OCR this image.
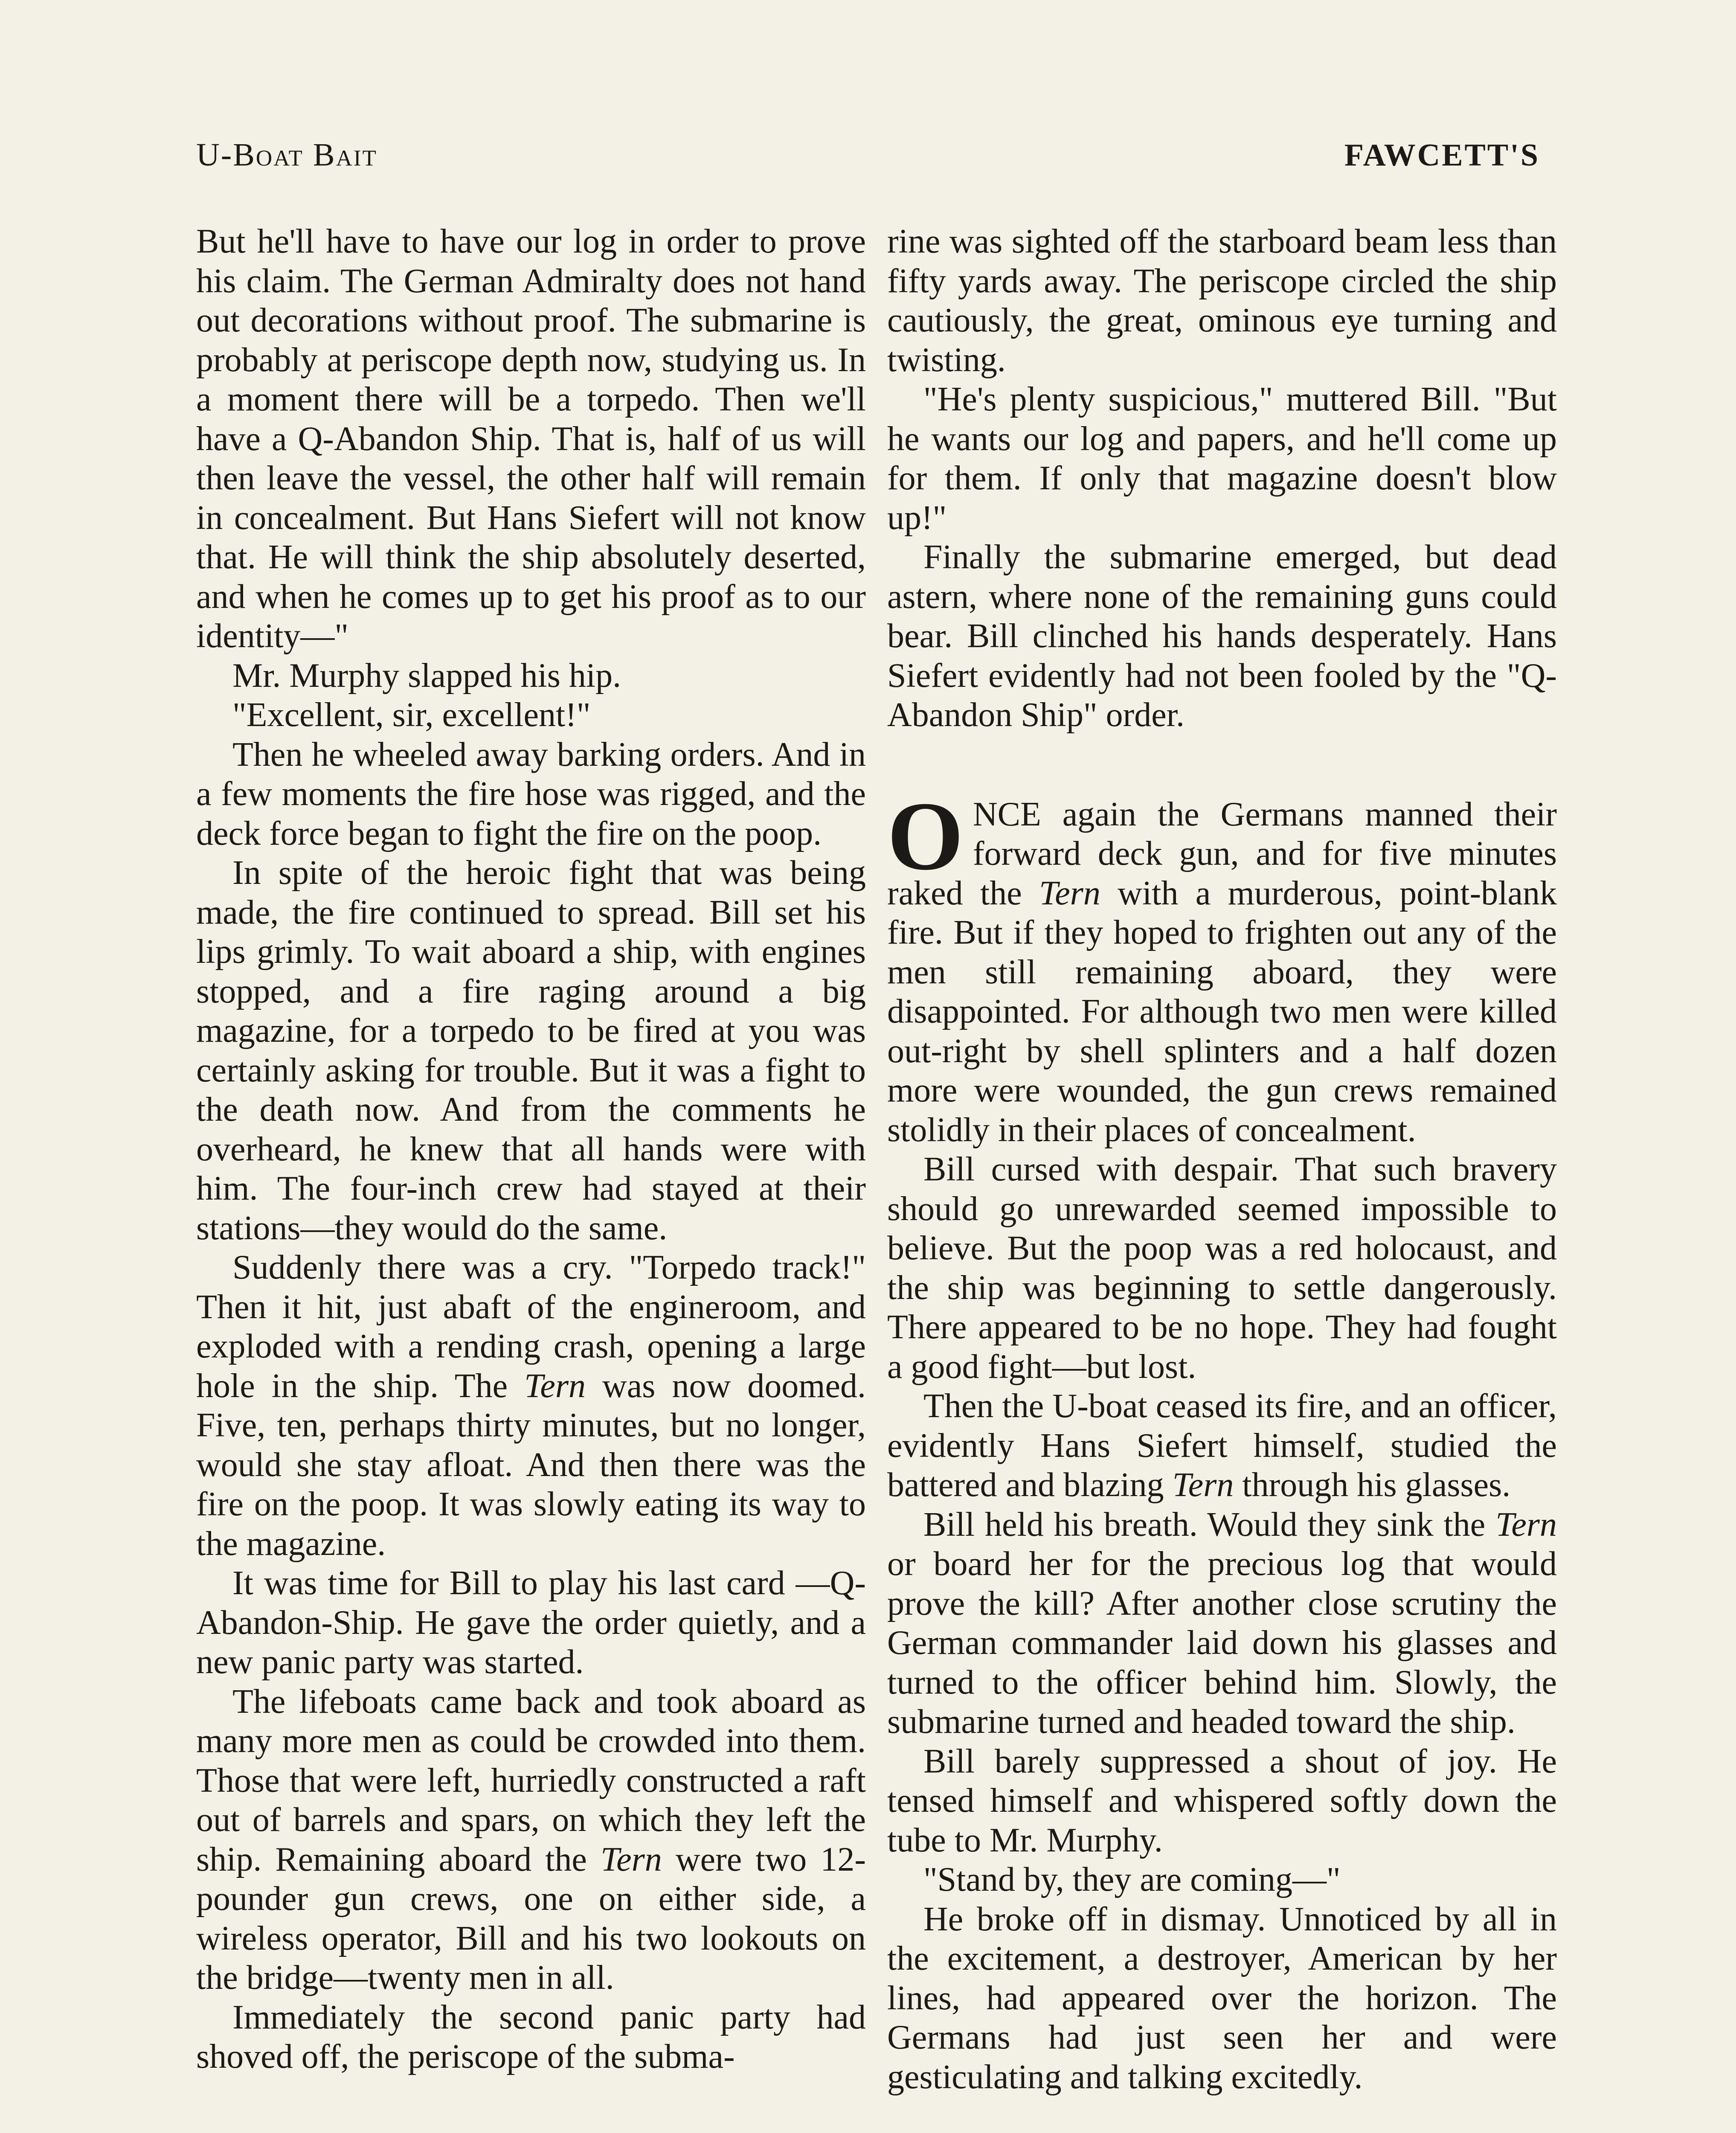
U-Boat Bait	FAWCETT'S

But he'll have to have our log in order to prove his claim. The German Admiralty does not hand out decorations without proof. The submarine is probably at periscope depth now, studying us. In a moment there will be a torpedo. Then we'll have a Q-Abandon Ship. That is, half of us will then leave the vessel, the other half will remain in concealment. But Hans Siefert will not know that. He will think the ship absolutely deserted, and when he comes up to get his proof as to our identity—"

Mr. Murphy slapped his hip.

"Excellent, sir, excellent!"

Then he wheeled away barking orders. And in a few moments the fire hose was rigged, and the deck force began to fight the fire on the poop.

In spite of the heroic fight that was being made, the fire continued to spread. Bill set his lips grimly. To wait aboard a ship, with engines stopped, and a fire raging around a big magazine, for a torpedo to be fired at you was certainly asking for trouble. But it was a fight to the death now. And from the comments he overheard, he knew that all hands were with him. The four-inch crew had stayed at their stations—they would do the same.

Suddenly there was a cry. "Torpedo track!" Then it hit, just abaft of the engineroom, and exploded with a rending crash, opening a large hole in the ship. The Tern was now doomed. Five, ten, perhaps thirty minutes, but no longer, would she stay afloat. And then there was the fire on the poop. It was slowly eating its way to the magazine.

It was time for Bill to play his last card —Q-Abandon-Ship. He gave the order quietly, and a new panic party was started.

The lifeboats came back and took aboard as many more men as could be crowded into them. Those that were left, hurriedly constructed a raft out of barrels and spars, on which they left the ship. Remaining aboard the Tern were two 12-pounder gun crews, one on either side, a wireless operator, Bill and his two lookouts on the bridge—twenty men in all.

Immediately the second panic party had shoved off, the periscope of the subma-

rine was sighted off the starboard beam less than fifty yards away. The periscope circled the ship cautiously, the great, ominous eye turning and twisting.

"He's plenty suspicious," muttered Bill. "But he wants our log and papers, and he'll come up for them. If only that magazine doesn't blow up!"

Finally the submarine emerged, but dead astern, where none of the remaining guns could bear. Bill clinched his hands desperately. Hans Siefert evidently had not been fooled by the "Q-Abandon Ship" order.

ONCE again the Germans manned their forward deck gun, and for five minutes raked the Tern with a murderous, point-blank fire. But if they hoped to frighten out any of the men still remaining aboard, they were disappointed. For although two men were killed out-right by shell splinters and a half dozen more were wounded, the gun crews remained stolidly in their places of concealment.

Bill cursed with despair. That such bravery should go unrewarded seemed impossible to believe. But the poop was a red holocaust, and the ship was beginning to settle dangerously. There appeared to be no hope. They had fought a good fight—but lost.

Then the U-boat ceased its fire, and an officer, evidently Hans Siefert himself, studied the battered and blazing Tern through his glasses.

Bill held his breath. Would they sink the Tern or board her for the precious log that would prove the kill? After another close scrutiny the German commander laid down his glasses and turned to the officer behind him. Slowly, the submarine turned and headed toward the ship.

Bill barely suppressed a shout of joy. He tensed himself and whispered softly down the tube to Mr. Murphy.

"Stand by, they are coming—"

He broke off in dismay. Unnoticed by all in the excitement, a destroyer, American by her lines, had appeared over the horizon. The Germans had just seen her and were gesticulating and talking excitedly.
